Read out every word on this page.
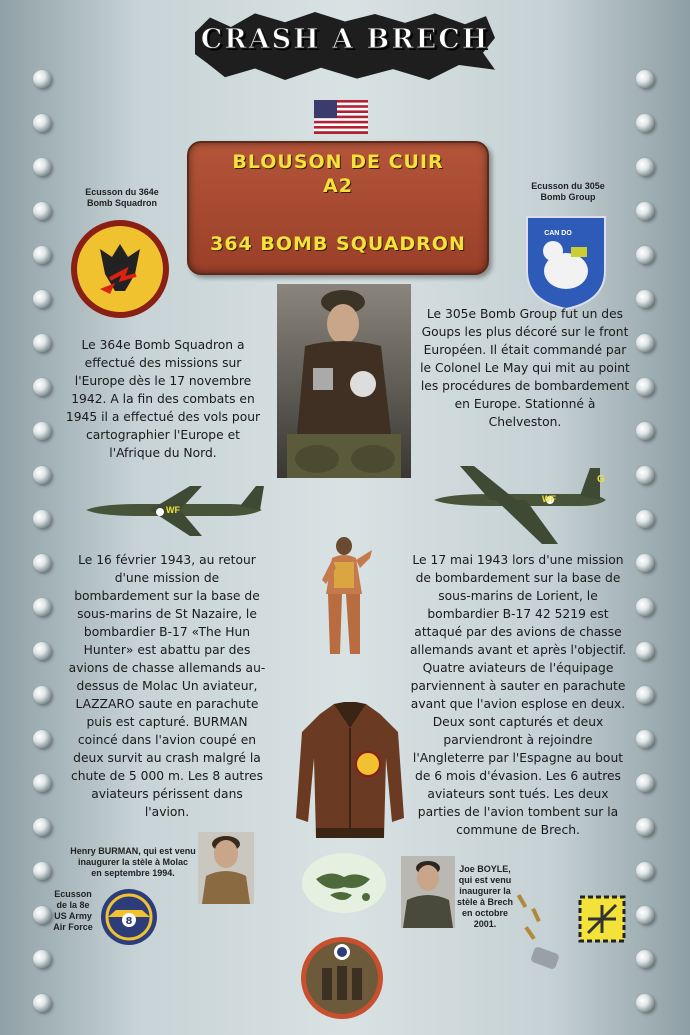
CRASH A BRECH
BLOUSON DE CUIR
A2
364 BOMB SQUADRON
Ecusson du 364e
Bomb Squadron
Ecusson du 305e
Bomb Group
CAN DO
Le 364e Bomb Squadron a effectué des missions sur l'Europe dès le 17 novembre 1942. A la fin des combats en 1945 il a effectué des vols pour cartographier l'Europe et l'Afrique du Nord.
Le 305e Bomb Group fut un des Goups les plus décoré sur le front Européen. Il était commandé par le Colonel Le May qui mit au point les procédures de bombardement en Europe. Stationné à Chelveston.
WF
WF
G
Le 16 février 1943, au retour d'une mission de bombardement sur la base de sous-marins de St Nazaire, le bombardier B-17 «The Hun Hunter» est abattu par des avions de chasse allemands au-dessus de Molac Un aviateur, LAZZARO saute en parachute puis est capturé. BURMAN coincé dans l'avion coupé en deux survit au crash malgré la chute de 5 000 m. Les 8 autres aviateurs périssent dans l'avion.
Le 17 mai 1943 lors d'une mission de bombardement sur la base de sous-marins de Lorient, le bombardier B-17 42 5219 est attaqué par des avions de chasse allemands avant et après l'objectif. Quatre aviateurs de l'équipage parviennent à sauter en parachute avant que l'avion esplose en deux. Deux sont capturés et deux parviendront à rejoindre l'Angleterre par l'Espagne au bout de 6 mois d'évasion. Les 6 autres aviateurs sont tués. Les deux parties de l'avion tombent sur la commune de Brech.
Henry BURMAN, qui est venu
inaugurer la stèle à Molac
en septembre 1994.
Ecusson
de la 8e
US Army
Air Force	8
Joe BOYLE,
qui est venu
inaugurer la
stèle à Brech
en octobre
2001.
